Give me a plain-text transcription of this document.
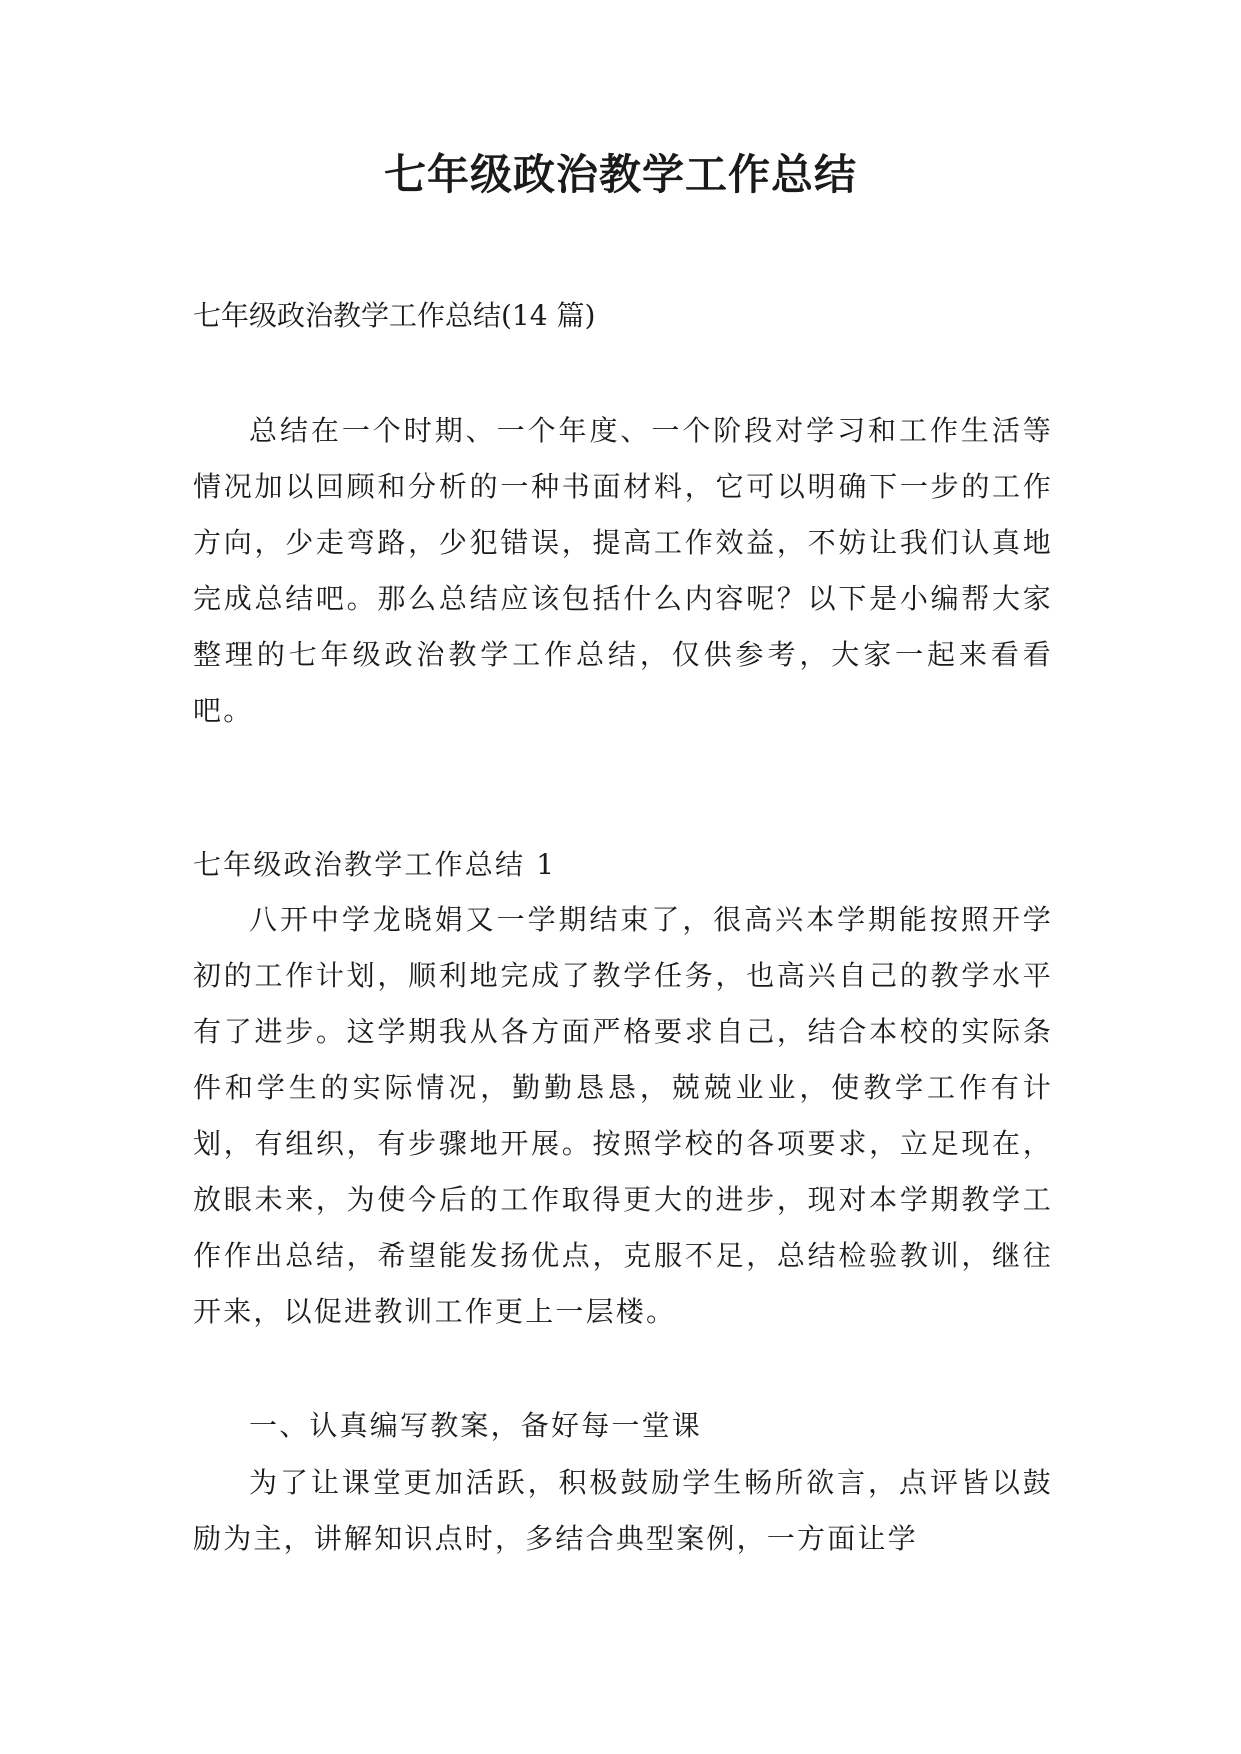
七年级政治教学工作总结

七年级政治教学工作总结(14 篇)

总结在一个时期、一个年度、一个阶段对学习和工作生活等情况加以回顾和分析的一种书面材料，它可以明确下一步的工作方向，少走弯路，少犯错误，提高工作效益，不妨让我们认真地完成总结吧。那么总结应该包括什么内容呢？以下是小编帮大家整理的七年级政治教学工作总结，仅供参考，大家一起来看看吧。

七年级政治教学工作总结 1

八开中学龙晓娟又一学期结束了，很高兴本学期能按照开学初的工作计划，顺利地完成了教学任务，也高兴自己的教学水平有了进步。这学期我从各方面严格要求自己，结合本校的实际条件和学生的实际情况，勤勤恳恳，兢兢业业，使教学工作有计划，有组织，有步骤地开展。按照学校的各项要求，立足现在，放眼未来，为使今后的工作取得更大的进步，现对本学期教学工作作出总结，希望能发扬优点，克服不足，总结检验教训，继往开来，以促进教训工作更上一层楼。

一、认真编写教案，备好每一堂课

为了让课堂更加活跃，积极鼓励学生畅所欲言，点评皆以鼓励为主，讲解知识点时，多结合典型案例，一方面让学
